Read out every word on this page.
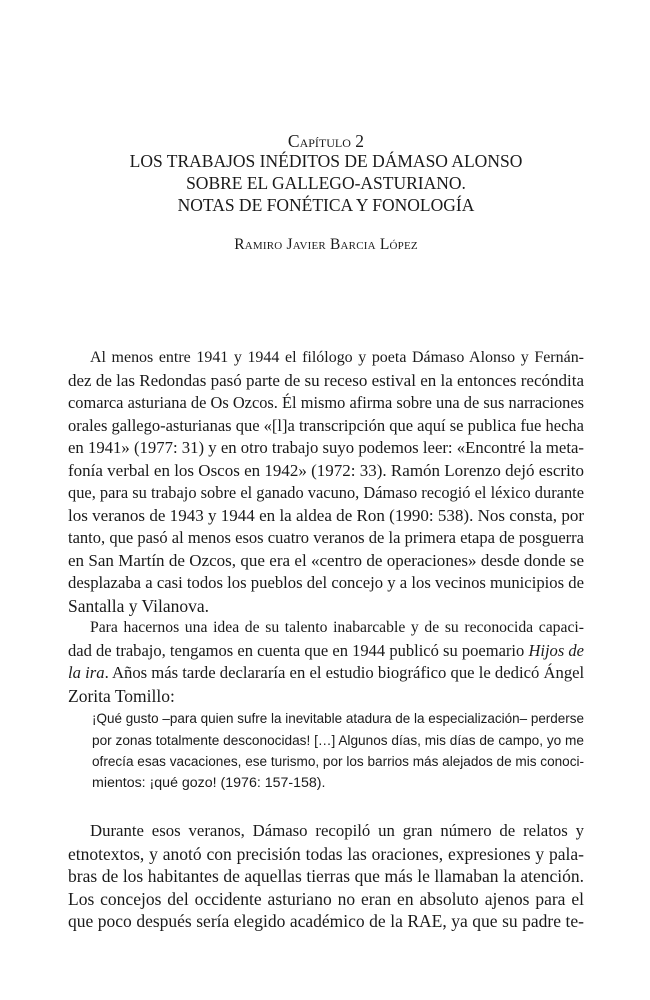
Capítulo 2
LOS TRABAJOS INÉDITOS DE DÁMASO ALONSO
SOBRE EL GALLEGO-ASTURIANO.
NOTAS DE FONÉTICA Y FONOLOGÍA
Ramiro Javier Barcia López
Al menos entre 1941 y 1944 el filólogo y poeta Dámaso Alonso y Fernán-
dez de las Redondas pasó parte de su receso estival en la entonces recóndita
comarca asturiana de Os Ozcos. Él mismo afirma sobre una de sus narraciones
orales gallego-asturianas que «[l]a transcripción que aquí se publica fue hecha
en 1941» (1977: 31) y en otro trabajo suyo podemos leer: «Encontré la meta-
fonía verbal en los Oscos en 1942» (1972: 33). Ramón Lorenzo dejó escrito
que, para su trabajo sobre el ganado vacuno, Dámaso recogió el léxico durante
los veranos de 1943 y 1944 en la aldea de Ron (1990: 538). Nos consta, por
tanto, que pasó al menos esos cuatro veranos de la primera etapa de posguerra
en San Martín de Ozcos, que era el «centro de operaciones» desde donde se
desplazaba a casi todos los pueblos del concejo y a los vecinos municipios de
Santalla y Vilanova.
Para hacernos una idea de su talento inabarcable y de su reconocida capaci-
dad de trabajo, tengamos en cuenta que en 1944 publicó su poemario Hijos de
la ira. Años más tarde declararía en el estudio biográfico que le dedicó Ángel
Zorita Tomillo:
¡Qué gusto –para quien sufre la inevitable atadura de la especialización– perderse
por zonas totalmente desconocidas! […] Algunos días, mis días de campo, yo me
ofrecía esas vacaciones, ese turismo, por los barrios más alejados de mis conoci-
mientos: ¡qué gozo! (1976: 157-158).
Durante esos veranos, Dámaso recopiló un gran número de relatos y
etnotextos, y anotó con precisión todas las oraciones, expresiones y pala-
bras de los habitantes de aquellas tierras que más le llamaban la atención.
Los concejos del occidente asturiano no eran en absoluto ajenos para el
que poco después sería elegido académico de la RAE, ya que su padre te-
